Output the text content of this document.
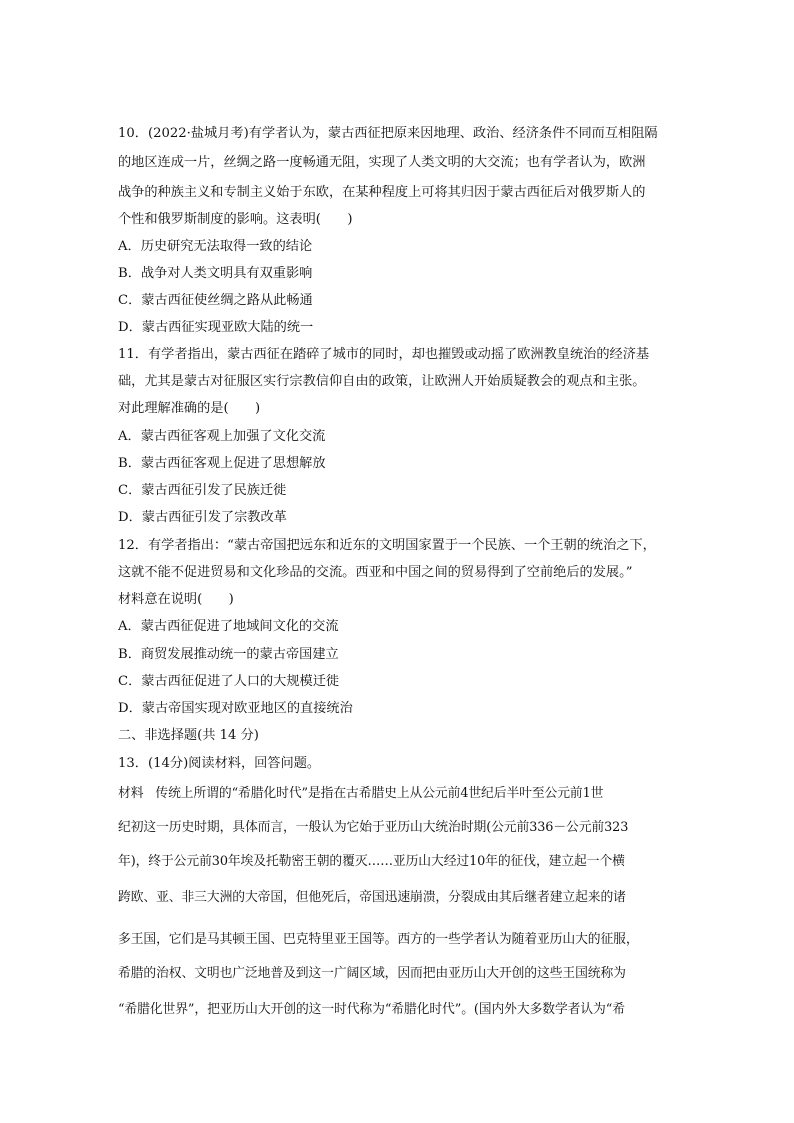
10．(2022·盐城月考)有学者认为，蒙古西征把原来因地理、政治、经济条件不同而互相阻隔
的地区连成一片，丝绸之路一度畅通无阻，实现了人类文明的大交流；也有学者认为，欧洲
战争的种族主义和专制主义始于东欧，在某种程度上可将其归因于蒙古西征后对俄罗斯人的
个性和俄罗斯制度的影响。这表明(　　)
A．历史研究无法取得一致的结论
B．战争对人类文明具有双重影响
C．蒙古西征使丝绸之路从此畅通
D．蒙古西征实现亚欧大陆的统一
11．有学者指出，蒙古西征在踏碎了城市的同时，却也摧毁或动摇了欧洲教皇统治的经济基
础，尤其是蒙古对征服区实行宗教信仰自由的政策，让欧洲人开始质疑教会的观点和主张。
对此理解准确的是(　　)
A．蒙古西征客观上加强了文化交流
B．蒙古西征客观上促进了思想解放
C．蒙古西征引发了民族迁徙
D．蒙古西征引发了宗教改革
12．有学者指出：“蒙古帝国把远东和近东的文明国家置于一个民族、一个王朝的统治之下，
这就不能不促进贸易和文化珍品的交流。西亚和中国之间的贸易得到了空前绝后的发展。”
材料意在说明(　　)
A．蒙古西征促进了地域间文化的交流
B．商贸发展推动统一的蒙古帝国建立
C．蒙古西征促进了人口的大规模迁徙
D．蒙古帝国实现对欧亚地区的直接统治
二、非选择题(共 14 分)
13．(14分)阅读材料，回答问题。
材料 传统上所谓的“希腊化时代”是指在古希腊史上从公元前4世纪后半叶至公元前1世
纪初这一历史时期，具体而言，一般认为它始于亚历山大统治时期(公元前336－公元前323
年)，终于公元前30年埃及托勒密王朝的覆灭……亚历山大经过10年的征伐，建立起一个横
跨欧、亚、非三大洲的大帝国，但他死后，帝国迅速崩溃，分裂成由其后继者建立起来的诸
多王国，它们是马其顿王国、巴克特里亚王国等。西方的一些学者认为随着亚历山大的征服，
希腊的治权、文明也广泛地普及到这一广阔区域，因而把由亚历山大开创的这些王国统称为
“希腊化世界”，把亚历山大开创的这一时代称为“希腊化时代”。(国内外大多数学者认为“希
